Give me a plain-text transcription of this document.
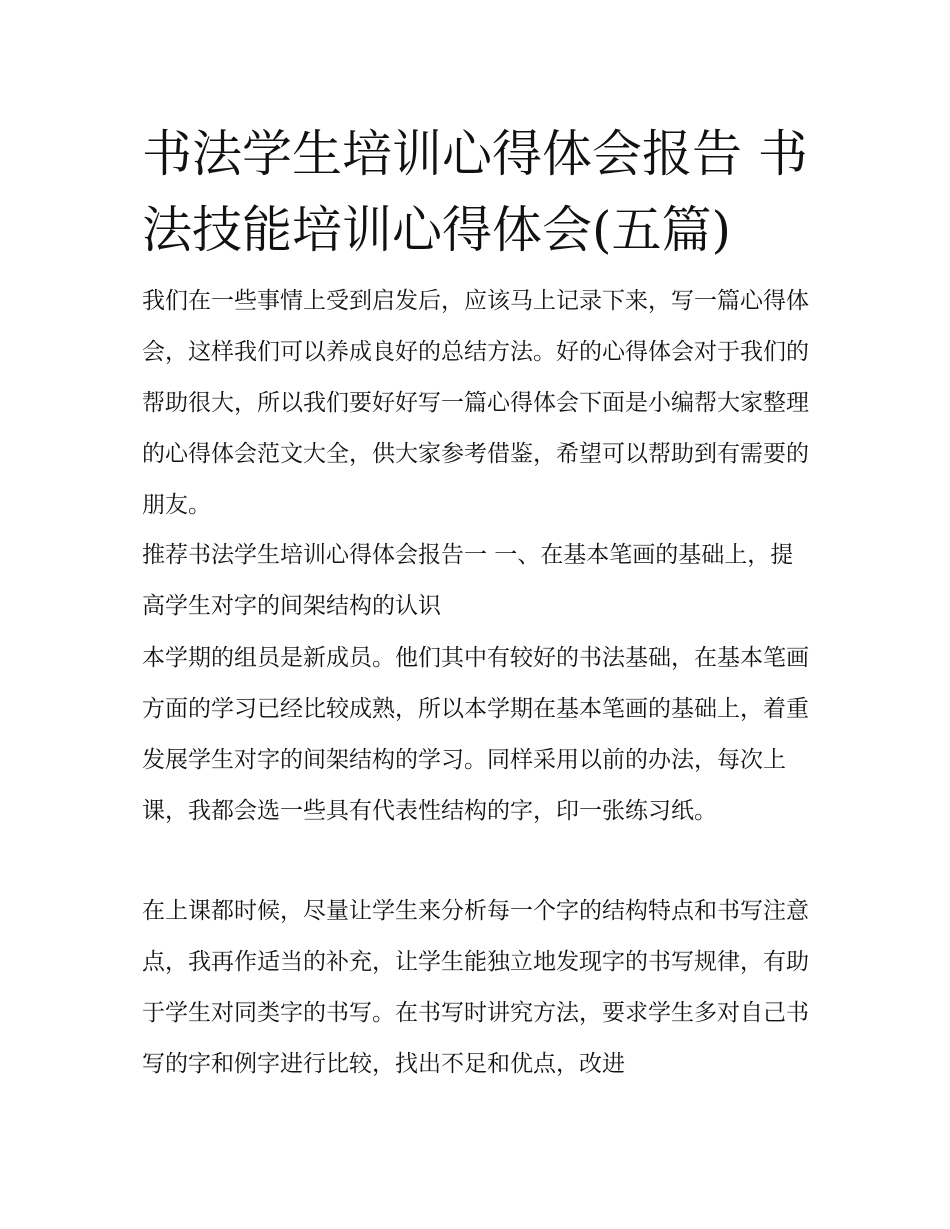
书法学生培训心得体会报告 书法技能培训心得体会(五篇)

我们在一些事情上受到启发后，应该马上记录下来，写一篇心得体会，这样我们可以养成良好的总结方法。好的心得体会对于我们的帮助很大，所以我们要好好写一篇心得体会下面是小编帮大家整理的心得体会范文大全，供大家参考借鉴，希望可以帮助到有需要的朋友。

推荐书法学生培训心得体会报告一 一、在基本笔画的基础上，提高学生对字的间架结构的认识

本学期的组员是新成员。他们其中有较好的书法基础，在基本笔画方面的学习已经比较成熟，所以本学期在基本笔画的基础上，着重发展学生对字的间架结构的学习。同样采用以前的办法，每次上课，我都会选一些具有代表性结构的字，印一张练习纸。

在上课都时候，尽量让学生来分析每一个字的结构特点和书写注意点，我再作适当的补充，让学生能独立地发现字的书写规律，有助于学生对同类字的书写。在书写时讲究方法，要求学生多对自己书写的字和例字进行比较，找出不足和优点，改进
